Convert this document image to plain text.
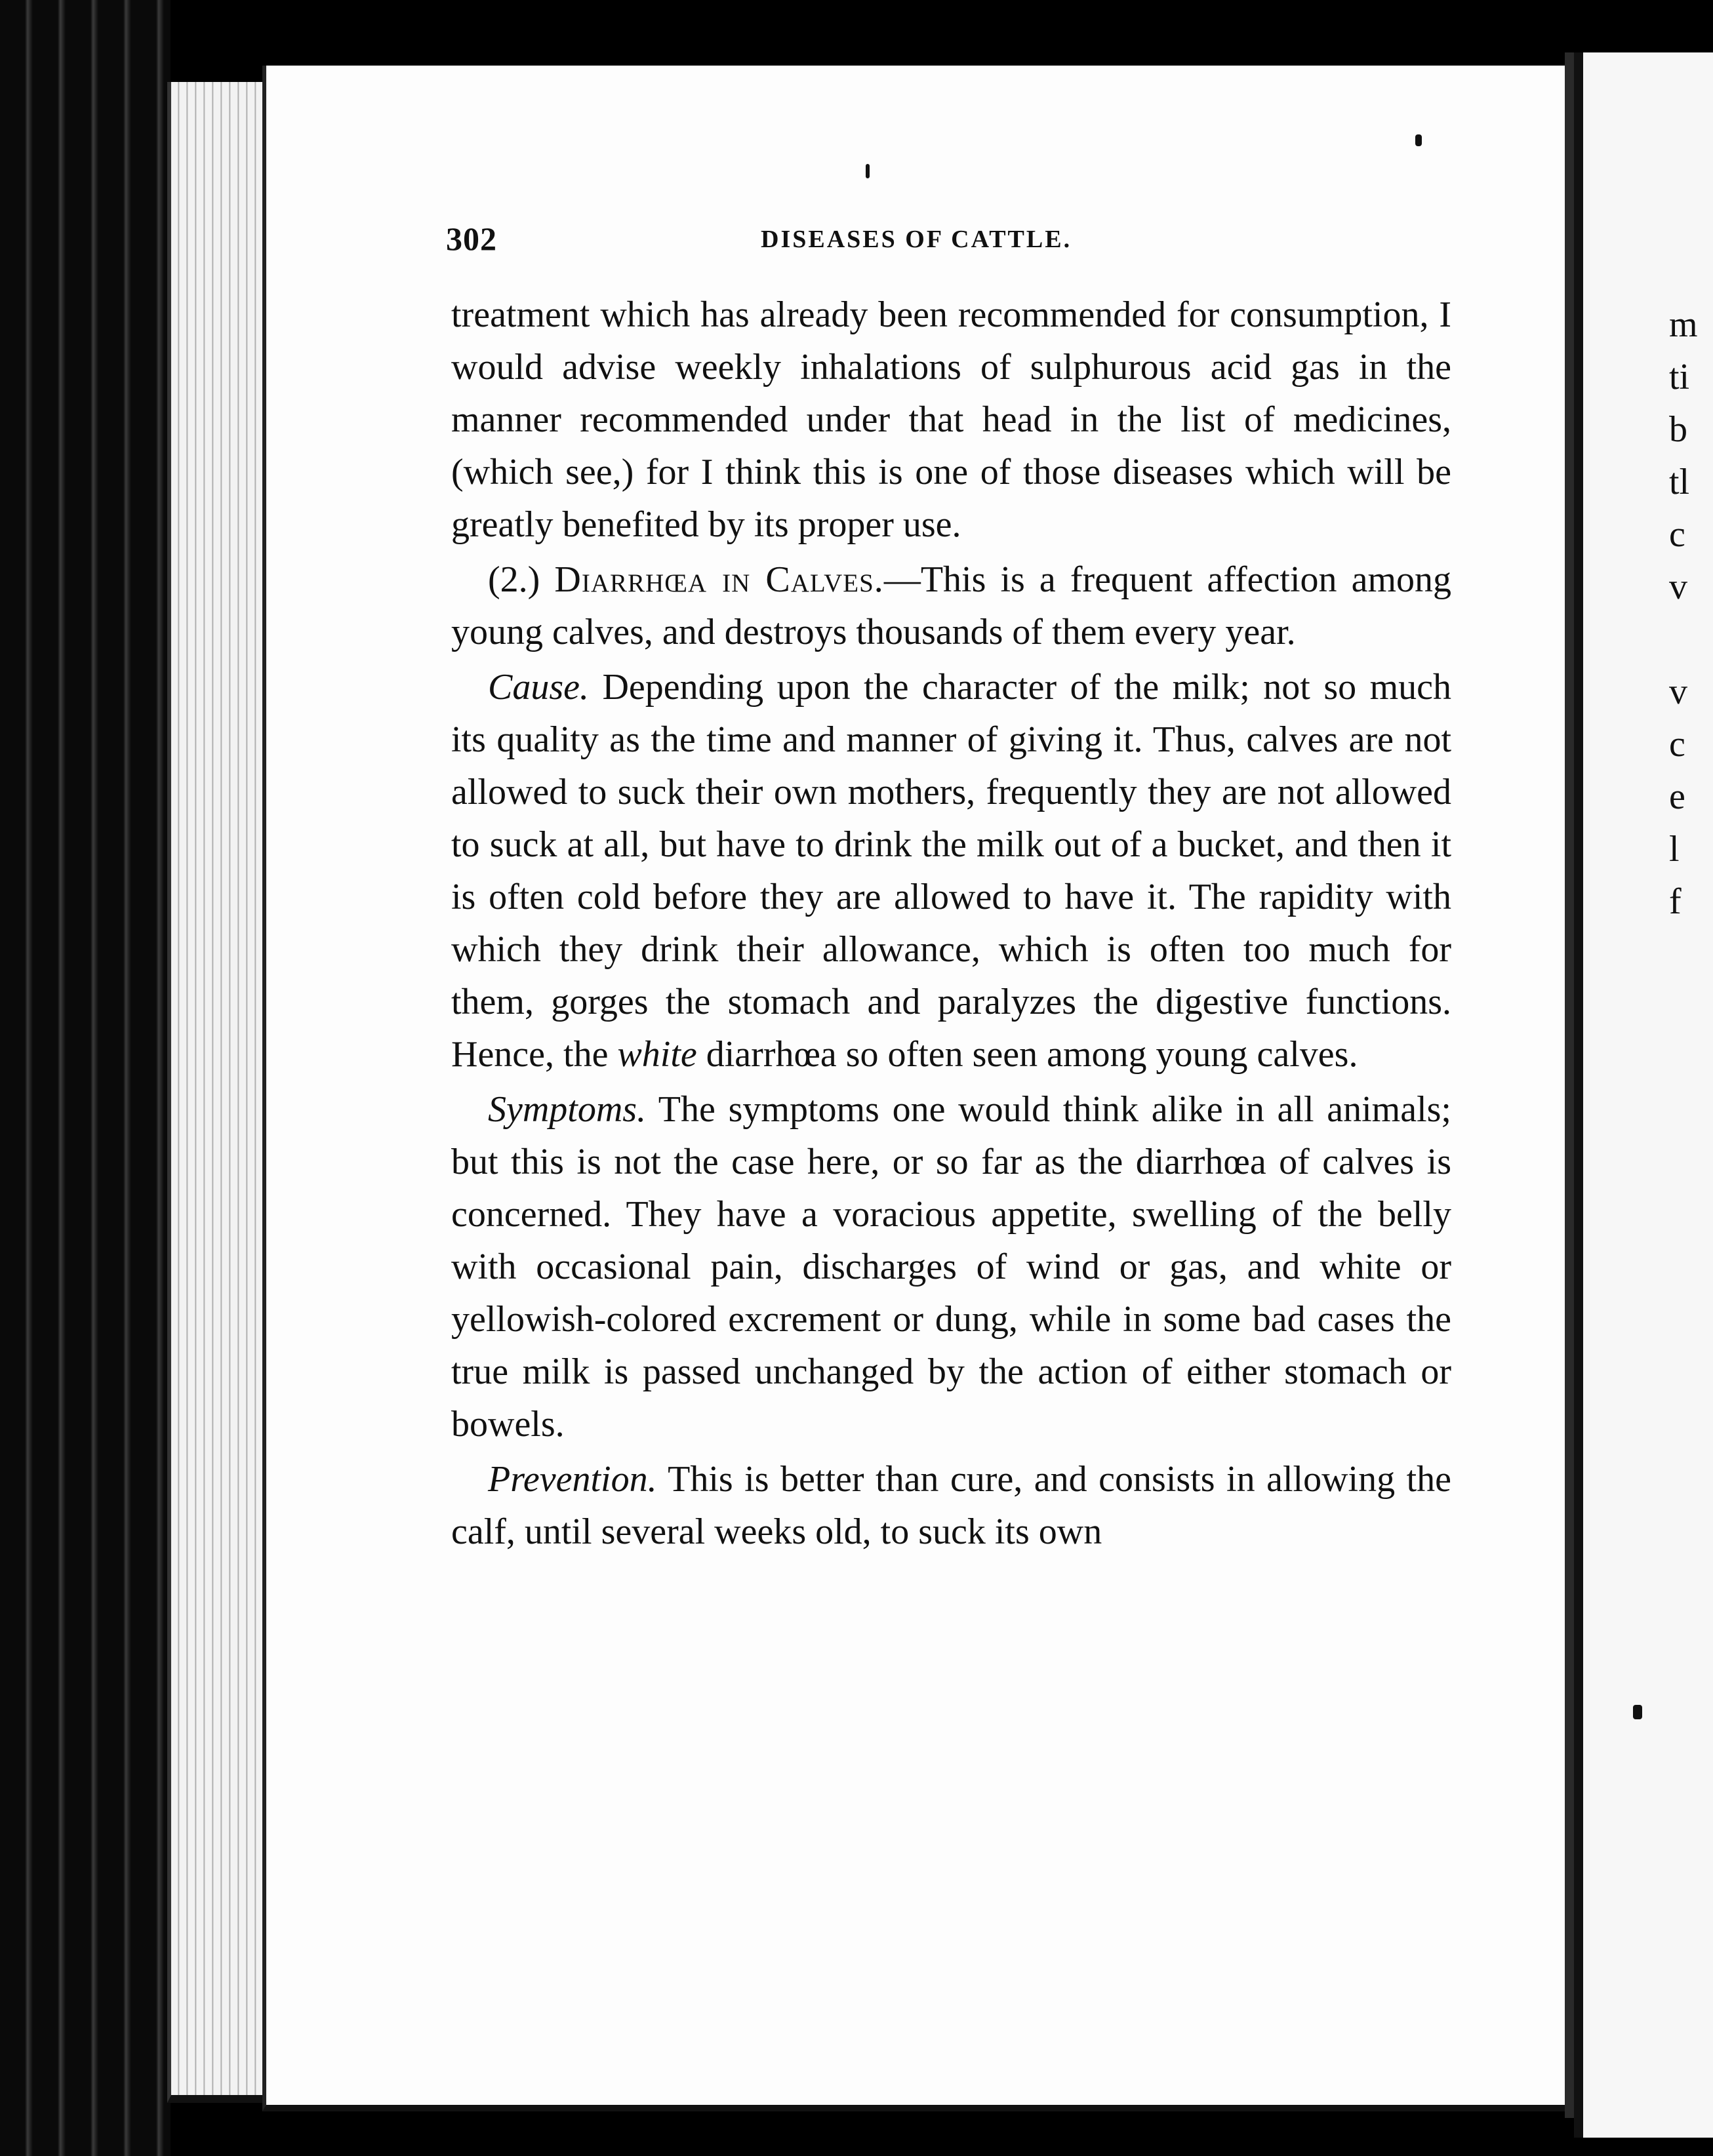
302	DISEASES OF CATTLE.

treatment which has already been recommended for consumption, I would advise weekly inhalations of sulphurous acid gas in the manner recommended under that head in the list of medicines, (which see,) for I think this is one of those diseases which will be greatly benefited by its proper use.

(2.) Diarrhœa in Calves.—This is a frequent affection among young calves, and destroys thousands of them every year.

Cause. Depending upon the character of the milk; not so much its quality as the time and manner of giving it. Thus, calves are not allowed to suck their own mothers, frequently they are not allowed to suck at all, but have to drink the milk out of a bucket, and then it is often cold before they are allowed to have it. The rapidity with which they drink their allowance, which is often too much for them, gorges the stomach and paralyzes the digestive functions. Hence, the white diarrhœa so often seen among young calves.

Symptoms. The symptoms one would think alike in all animals; but this is not the case here, or so far as the diarrhœa of calves is concerned. They have a voracious appetite, swelling of the belly with occasional pain, discharges of wind or gas, and white or yellowish-colored excrement or dung, while in some bad cases the true milk is passed unchanged by the action of either stomach or bowels.

Prevention. This is better than cure, and consists in allowing the calf, until several weeks old, to suck its own

m
ti
b
tl
c
v
v
c
e
l
f
